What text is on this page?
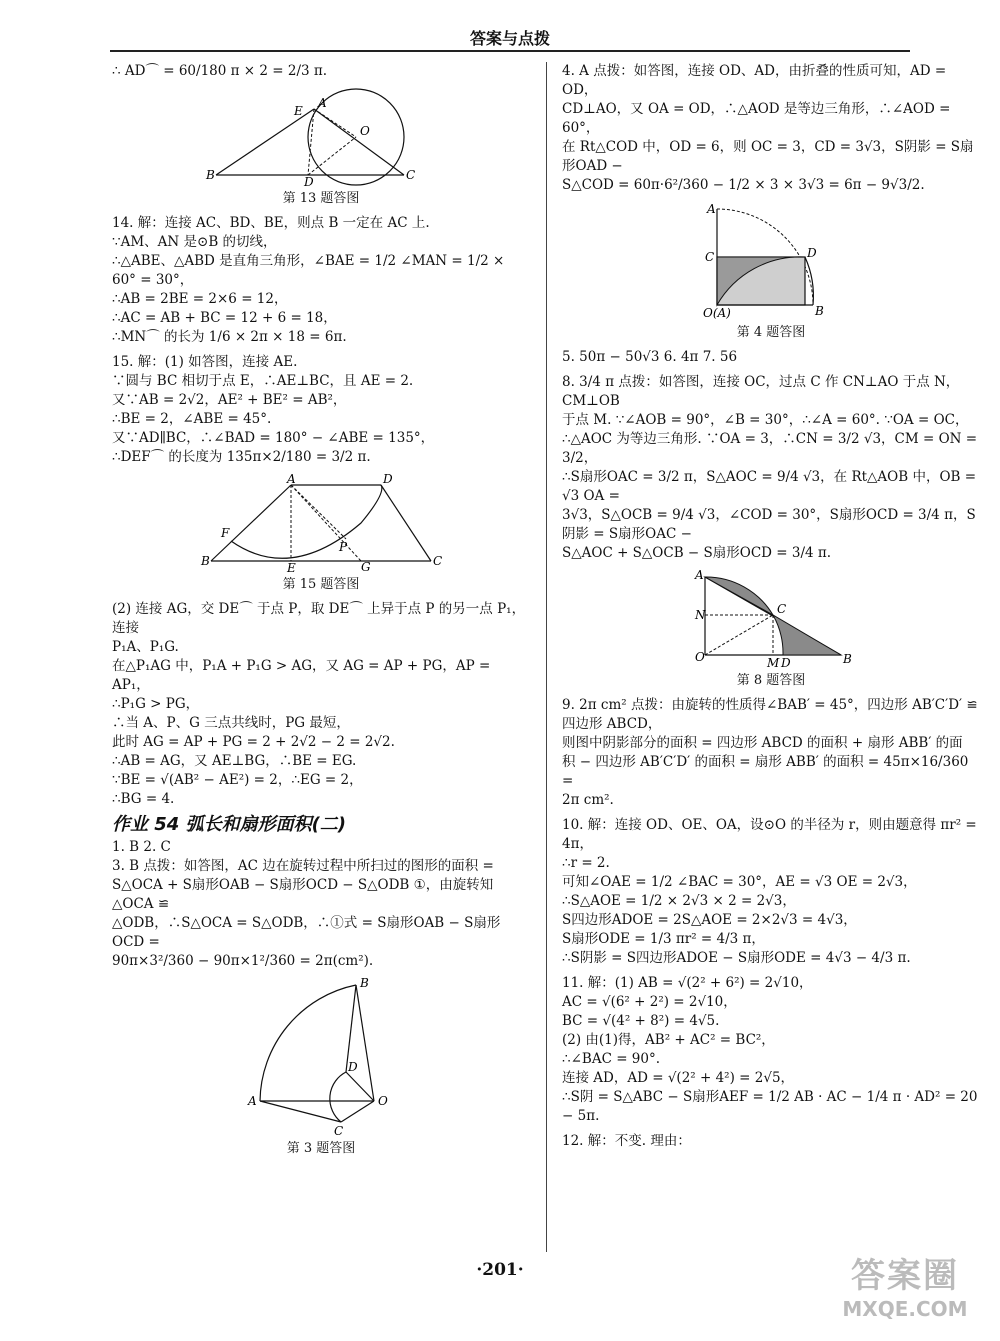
答案与点拨

∴ AD⌒ = 60/180 π × 2 = 2/3 π.

A
B	C
D
E
O
第 13 题答图

14. 解：连接 AC、BD、BE，则点 B 一定在 AC 上.

∵AM、AN 是⊙B 的切线，

∴△ABE、△ABD 是直角三角形，∠BAE = 1/2 ∠MAN = 1/2 ×

60° = 30°，

∴AB = 2BE = 2×6 = 12，

∴AC = AB + BC = 12 + 6 = 18，

∴MN⌒ 的长为 1/6 × 2π × 18 = 6π.

15. 解：(1) 如答图，连接 AE.

∵圆与 BC 相切于点 E，∴AE⊥BC，且 AE = 2.

又∵AB = 2√2，AE² + BE² = AB²，

∴BE = 2，∠ABE = 45°.

又∵AD∥BC，∴∠BAD = 180° − ∠ABE = 135°，

∴DEF⌒ 的长度为 135π×2/180 = 3/2 π.

A
B	C
D
E
F
G
P
第 15 题答图

(2) 连接 AG，交 DE⌒ 于点 P，取 DE⌒ 上异于点 P 的另一点 P₁，连接

P₁A、P₁G.

在△P₁AG 中，P₁A + P₁G > AG，又 AG = AP + PG，AP = AP₁，

∴P₁G > PG，

∴当 A、P、G 三点共线时，PG 最短，

此时 AG = AP + PG = 2 + 2√2 − 2 = 2√2.

∴AB = AG，又 AE⊥BG，∴BE = EG.

∵BE = √(AB² − AE²) = 2，∴EG = 2，

∴BG = 4.

作业 54 弧长和扇形面积(二)

1. B 2. C

3. B 点拨：如答图，AC 边在旋转过程中所扫过的图形的面积 =

S△OCA + S扇形OAB − S扇形OCD − S△ODB ①，由旋转知△OCA ≌

△ODB，∴S△OCA = S△ODB，∴①式 = S扇形OAB − S扇形OCD =

90π×3²/360 − 90π×1²/360 = 2π(cm²).

B
A	O
D
C
第 3 题答图

4. A 点拨：如答图，连接 OD、AD，由折叠的性质可知，AD = OD，

CD⊥AO，又 OA = OD，∴△AOD 是等边三角形，∴∠AOD = 60°，

在 Rt△COD 中，OD = 6，则 OC = 3，CD = 3√3，S阴影 = S扇形OAD −

S△COD = 60π·6²/360 − 1/2 × 3 × 3√3 = 6π − 9√3/2.

A
C	D
O(A)	B
第 4 题答图

5. 50π − 50√3 6. 4π 7. 56

8. 3/4 π 点拨：如答图，连接 OC，过点 C 作 CN⊥AO 于点 N，CM⊥OB

于点 M. ∵∠AOB = 90°，∠B = 30°，∴∠A = 60°. ∵OA = OC，

∴△AOC 为等边三角形. ∵OA = 3，∴CN = 3/2 √3，CM = ON = 3/2，

∴S扇形OAC = 3/2 π，S△AOC = 9/4 √3，在 Rt△AOB 中，OB = √3 OA =

3√3，S△OCB = 9/4 √3，∠COD = 30°，S扇形OCD = 3/4 π，S阴影 = S扇形OAC −

S△AOC + S△OCB − S扇形OCD = 3/4 π.

A
N
O
C
M D	B
第 8 题答图

9. 2π cm² 点拨：由旋转的性质得∠BAB′ = 45°，四边形 AB′C′D′ ≌

四边形 ABCD，

则图中阴影部分的面积 = 四边形 ABCD 的面积 + 扇形 ABB′ 的面

积 − 四边形 AB′C′D′ 的面积 = 扇形 ABB′ 的面积 = 45π×16/360 =

2π cm².

10. 解：连接 OD、OE、OA，设⊙O 的半径为 r，则由题意得 πr² = 4π，

∴r = 2.

可知∠OAE = 1/2 ∠BAC = 30°，AE = √3 OE = 2√3，

∴S△AOE = 1/2 × 2√3 × 2 = 2√3，

S四边形ADOE = 2S△AOE = 2×2√3 = 4√3，

S扇形ODE = 1/3 πr² = 4/3 π，

∴S阴影 = S四边形ADOE − S扇形ODE = 4√3 − 4/3 π.

11. 解：(1) AB = √(2² + 6²) = 2√10，

AC = √(6² + 2²) = 2√10，

BC = √(4² + 8²) = 4√5.

(2) 由(1)得，AB² + AC² = BC²，

∴∠BAC = 90°.

连接 AD，AD = √(2² + 4²) = 2√5，

∴S阴 = S△ABC − S扇形AEF = 1/2 AB · AC − 1/4 π · AD² = 20 − 5π.

12. 解：不变. 理由：

·201·	答案圈
MXQE.COM
